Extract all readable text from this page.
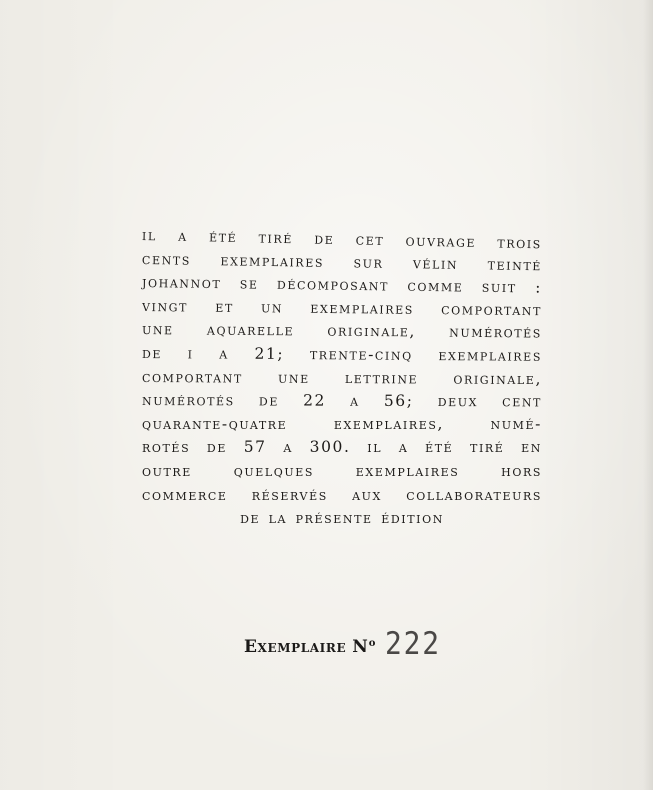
il a été tiré de cet ouvrage trois
cents exemplaires sur vélin teinté
johannot se décomposant comme suit :
vingt et un exemplaires comportant
une aquarelle originale, numérotés
de i a 21; trente-cinq exemplaires
comportant une lettrine originale,
numérotés de 22 a 56; deux cent
quarante-quatre exemplaires, numé-
rotés de 57 a 300. il a été tiré en
outre quelques exemplaires hors
commerce réservés aux collaborateurs
de la présente édition
Exemplaire $N^o$ 222
